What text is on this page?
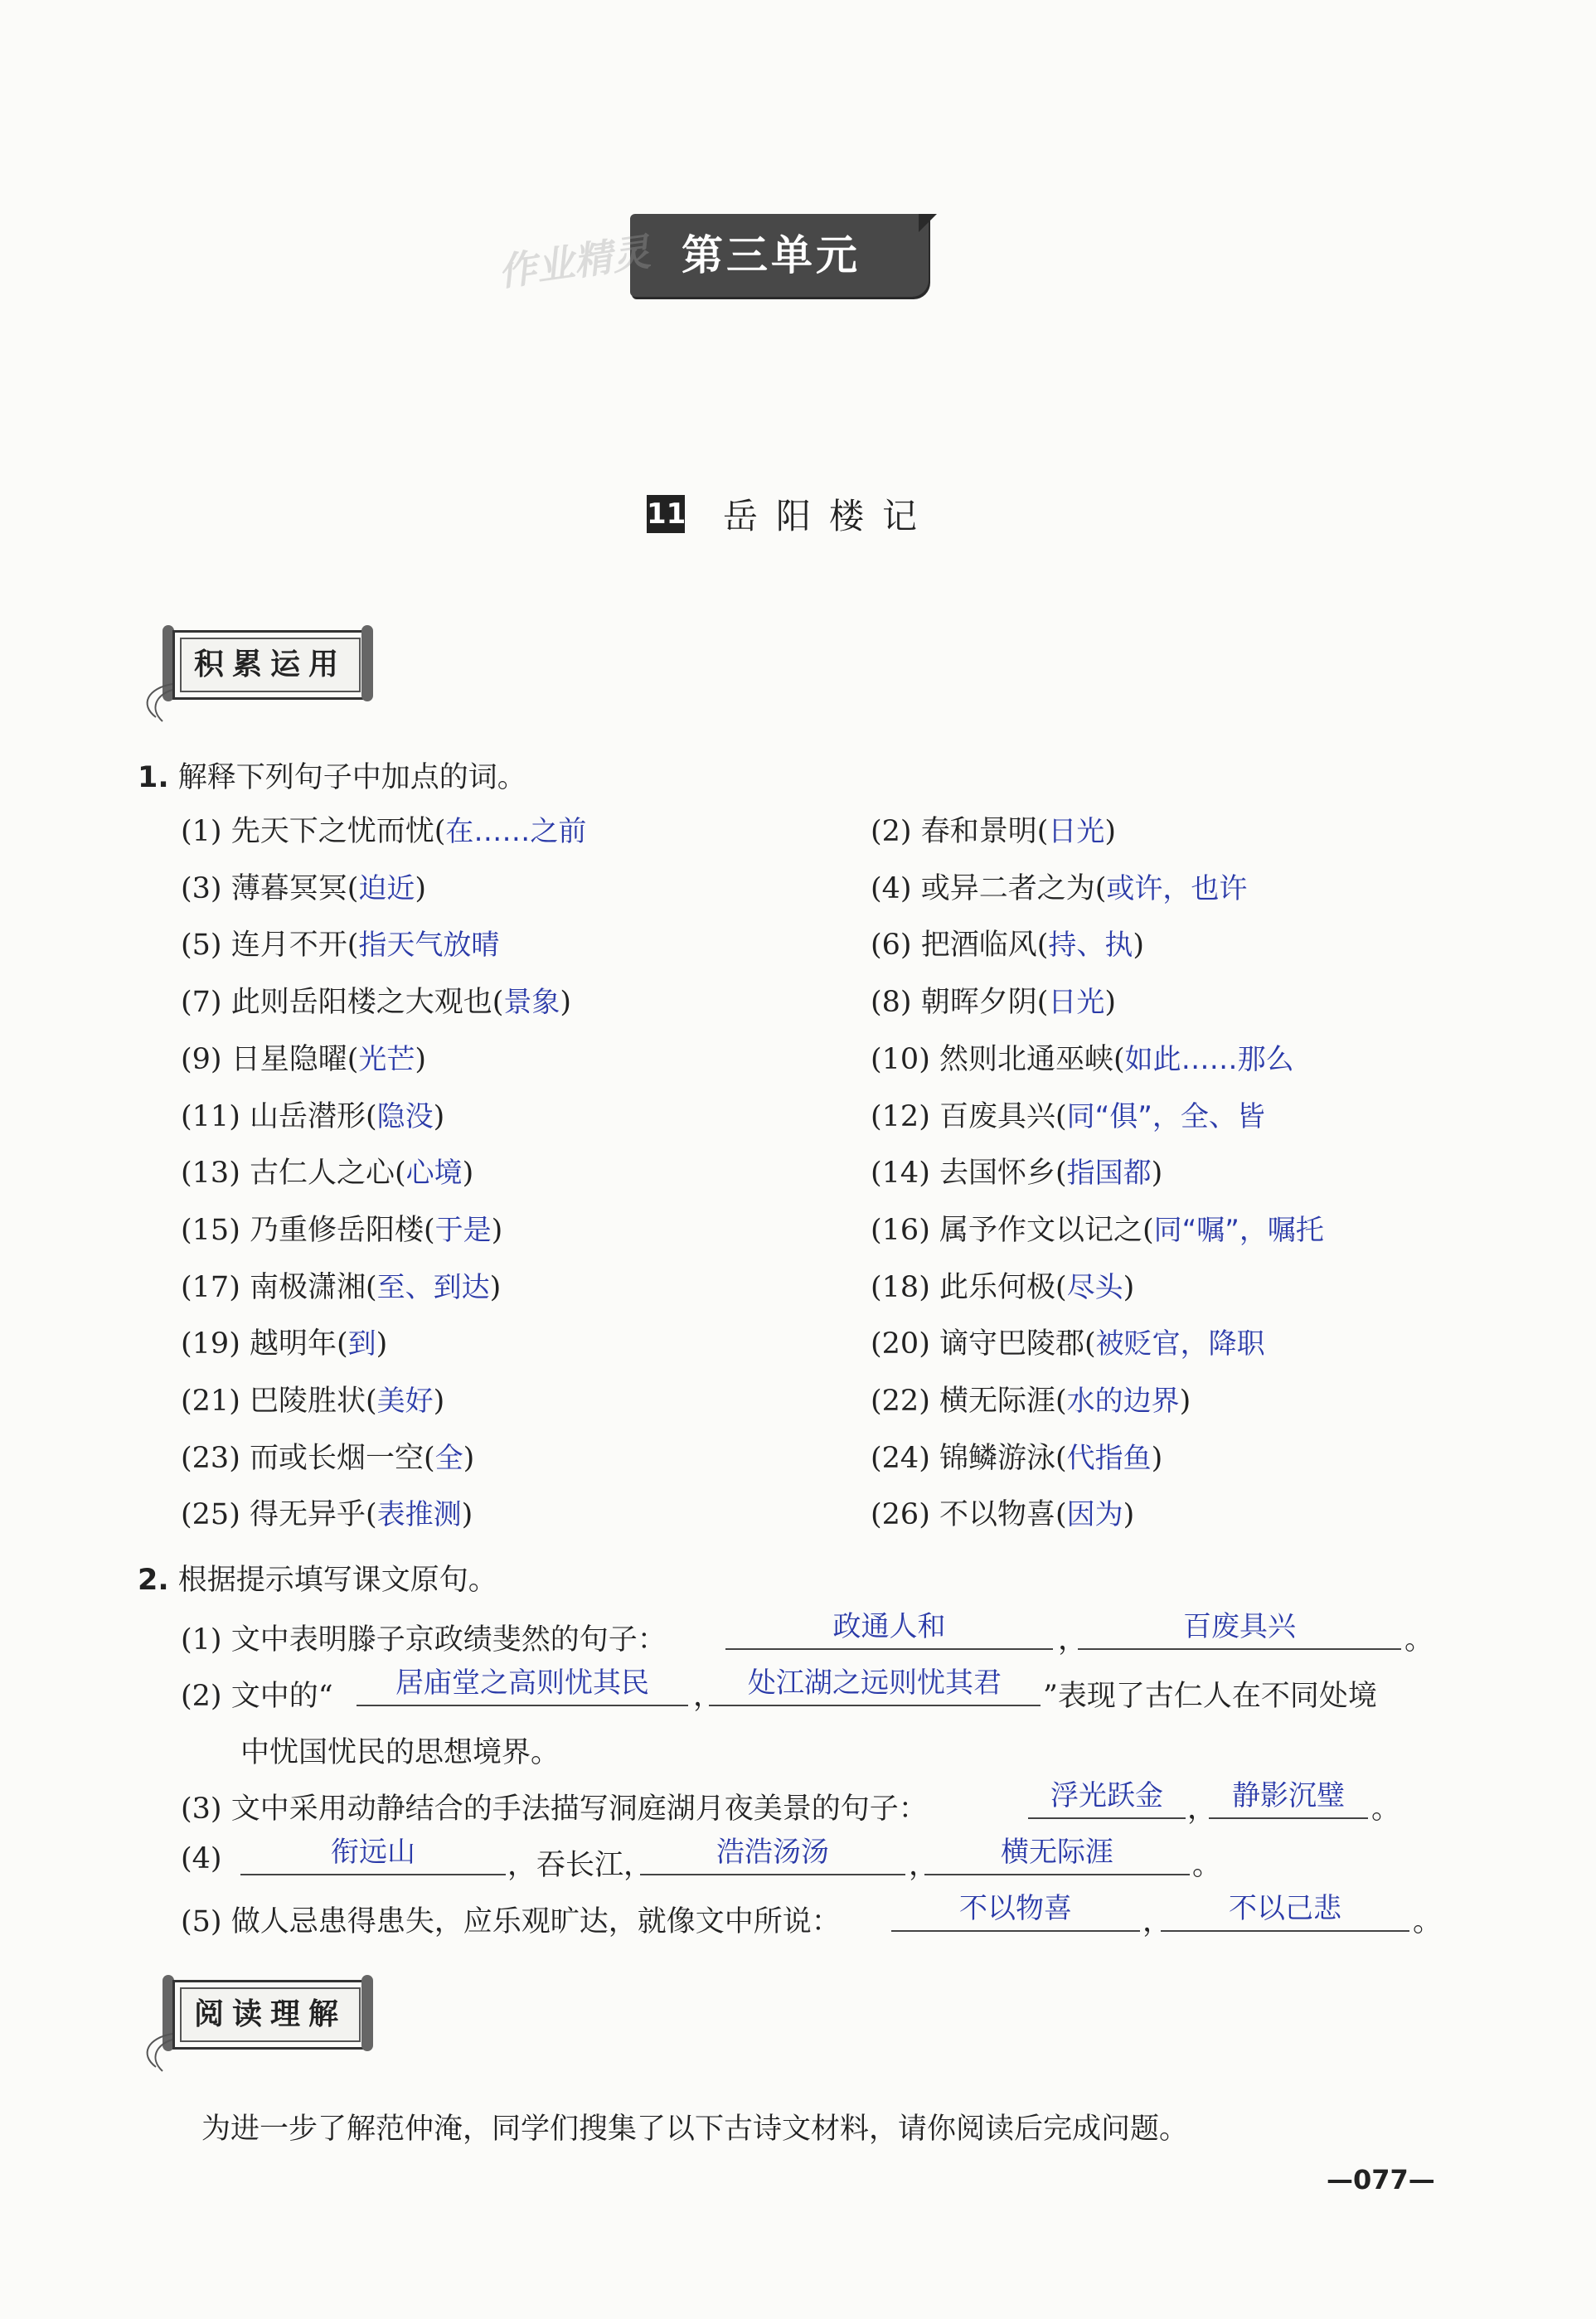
第三单元
作业精灵
11 岳阳楼记
积累运用
1. 解释下列句子中加点的词。
(1) 先天下之忧而忧(在……之前	(2) 春和景明(日光)
(3) 薄暮冥冥(迫近)	(4) 或异二者之为(或许，也许
(5) 连月不开(指天气放晴	(6) 把酒临风(持、执)
(7) 此则岳阳楼之大观也(景象)	(8) 朝晖夕阴(日光)
(9) 日星隐曜(光芒)	(10) 然则北通巫峡(如此……那么
(11) 山岳潜形(隐没)	(12) 百废具兴(同“俱”，全、皆
(13) 古仁人之心(心境)	(14) 去国怀乡(指国都)
(15) 乃重修岳阳楼(于是)	(16) 属予作文以记之(同“嘱”，嘱托
(17) 南极潇湘(至、到达)	(18) 此乐何极(尽头)
(19) 越明年(到)	(20) 谪守巴陵郡(被贬官，降职
(21) 巴陵胜状(美好)	(22) 横无际涯(水的边界)
(23) 而或长烟一空(全)	(24) 锦鳞游泳(代指鱼)
(25) 得无异乎(表推测)	(26) 不以物喜(因为)
2. 根据提示填写课文原句。
(1) 文中表明滕子京政绩斐然的句子：	政通人和	，	百废具兴	。
(2) 文中的“	居庙堂之高则忧其民	， 处江湖之远则忧其君	”表现了古仁人在不同处境
中忧国忧民的思想境界。
(3) 文中采用动静结合的手法描写洞庭湖月夜美景的句子：	浮光跃金 ， 静影沉璧 。
(4)	衔远山	，吞长江，	浩浩汤汤	，	横无际涯	。
(5) 做人忌患得患失，应乐观旷达，就像文中所说：	不以物喜	，	不以己悲	。
阅读理解
为进一步了解范仲淹，同学们搜集了以下古诗文材料，请你阅读后完成问题。
—077—
